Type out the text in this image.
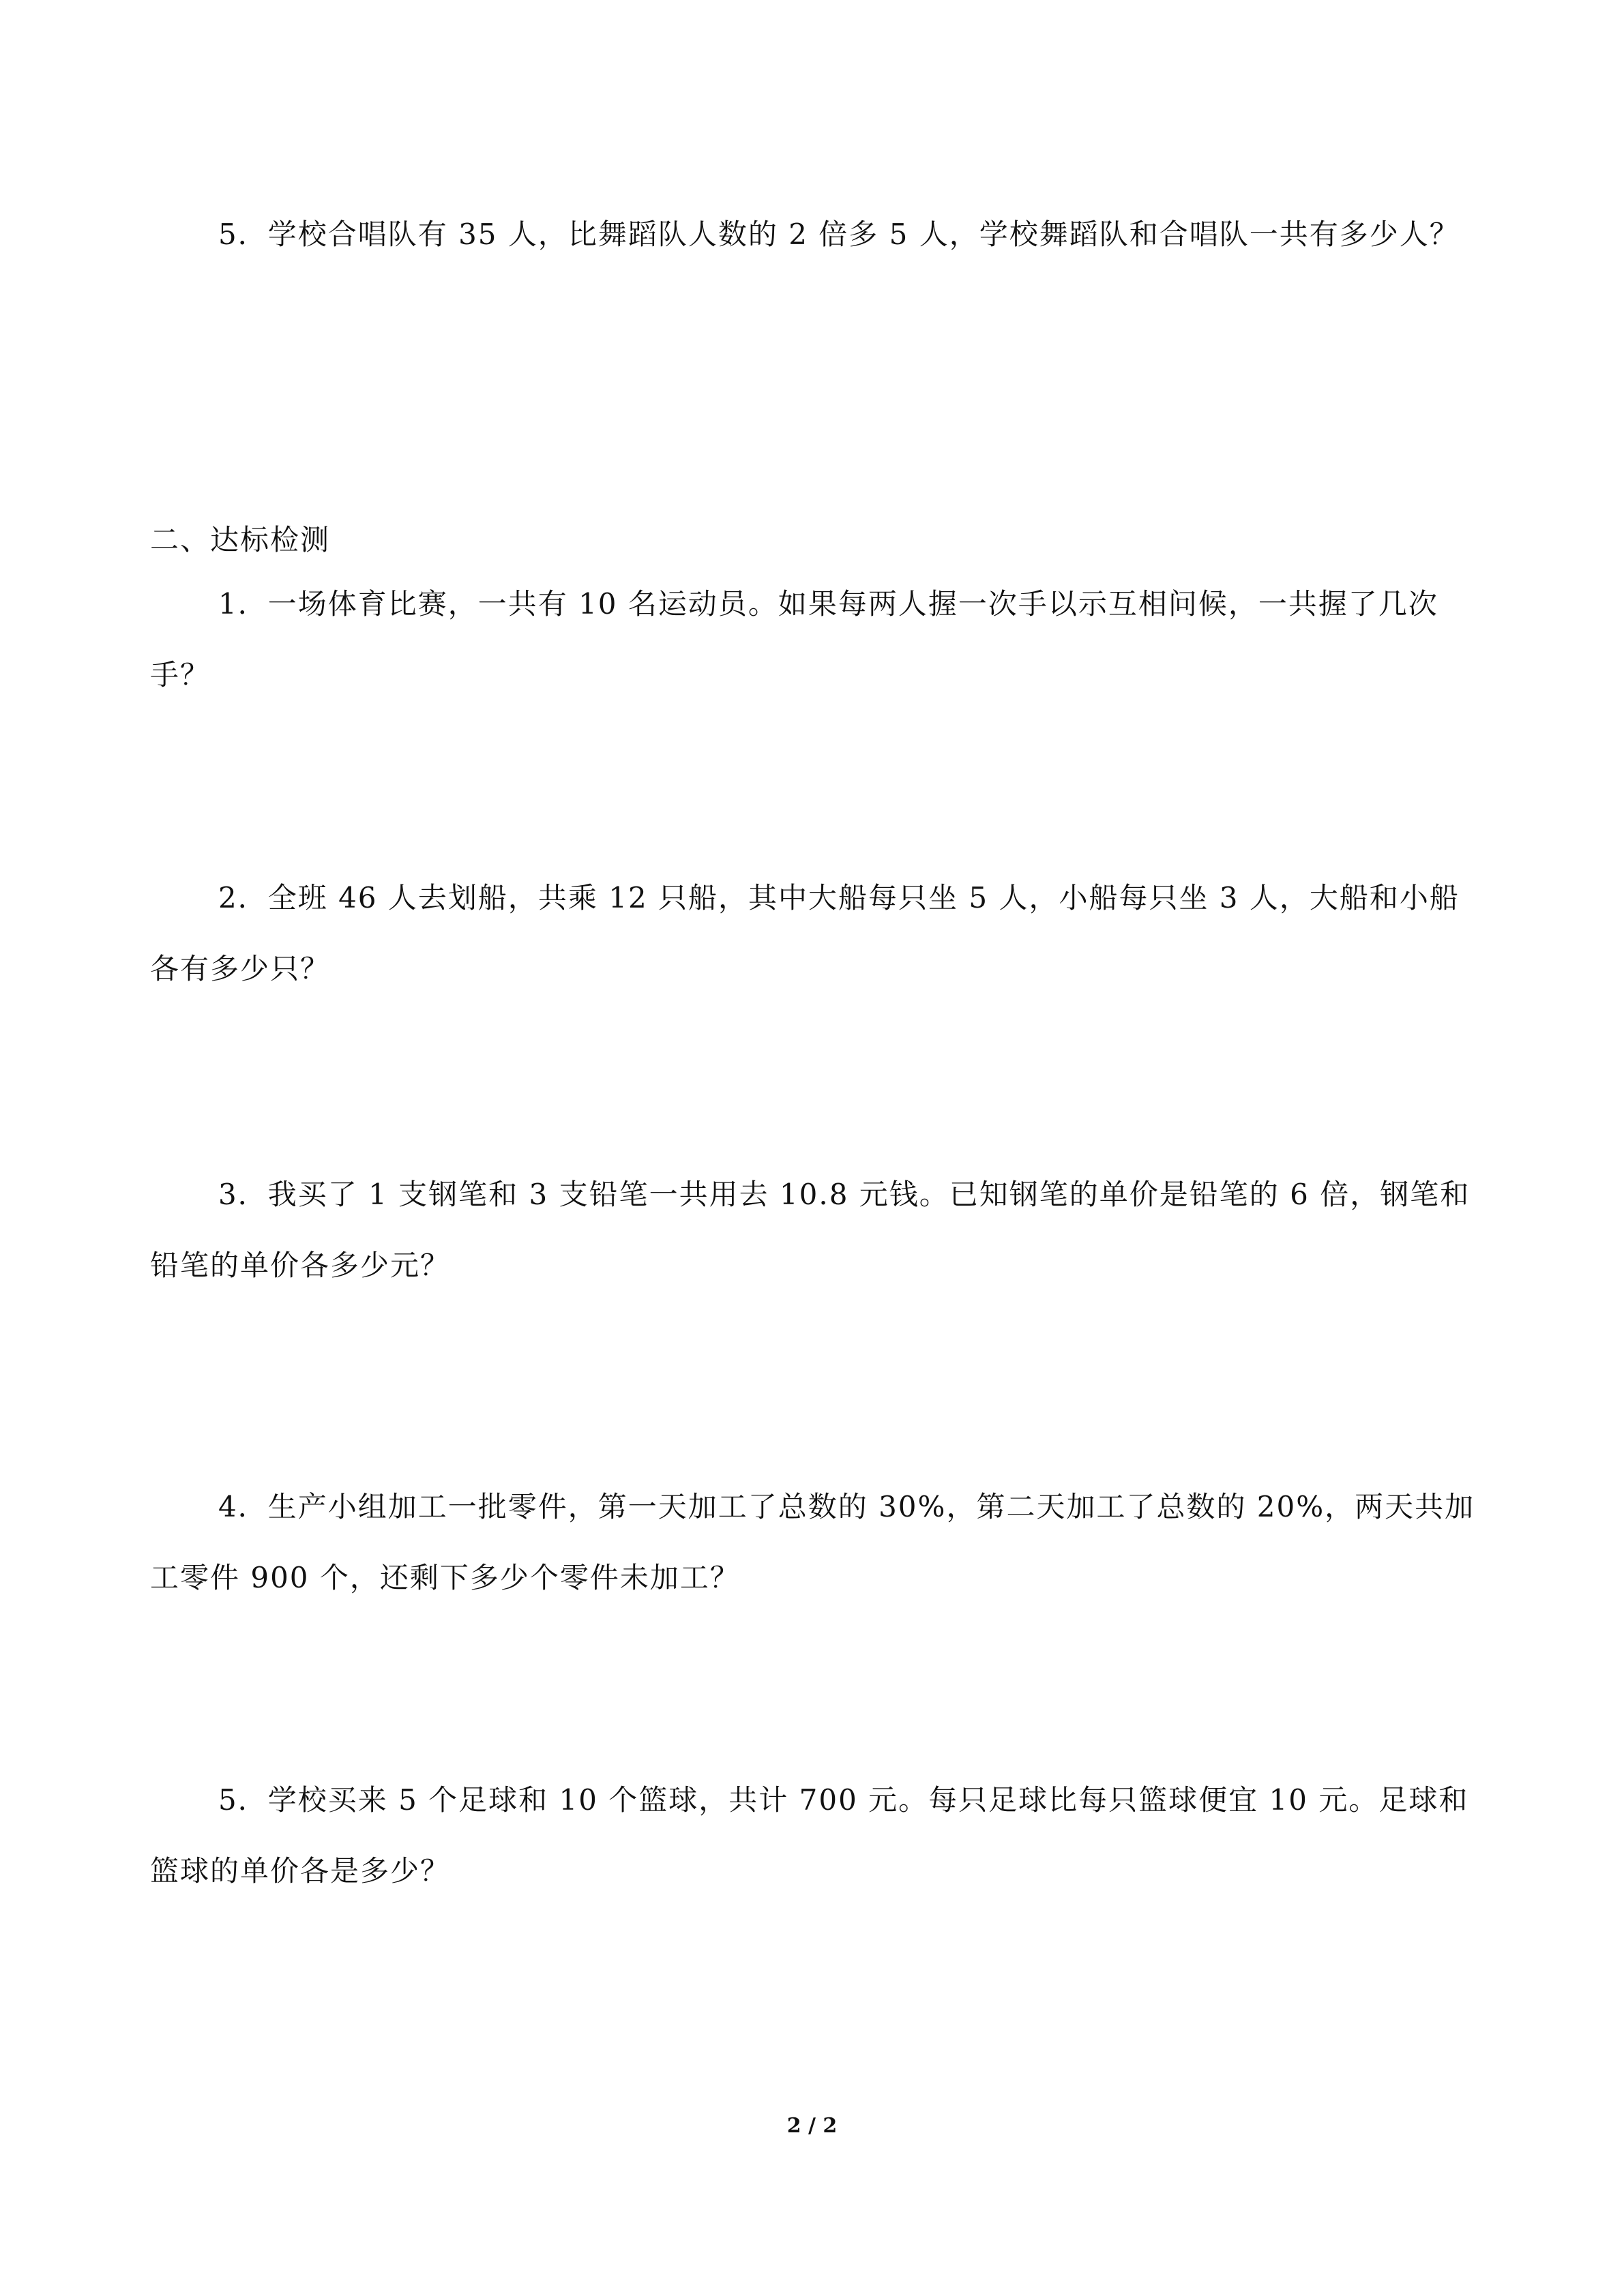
5．学校合唱队有 35 人，比舞蹈队人数的 2 倍多 5 人，学校舞蹈队和合唱队一共有多少人？

二、达标检测

1．一场体育比赛，一共有 10 名运动员。如果每两人握一次手以示互相问候，一共握了几次手？

2．全班 46 人去划船，共乘 12 只船，其中大船每只坐 5 人，小船每只坐 3 人，大船和小船各有多少只？

3．我买了 1 支钢笔和 3 支铅笔一共用去 10.8 元钱。已知钢笔的单价是铅笔的 6 倍，钢笔和铅笔的单价各多少元？

4．生产小组加工一批零件，第一天加工了总数的 30%，第二天加工了总数的 20%，两天共加工零件 900 个，还剩下多少个零件未加工？

5．学校买来 5 个足球和 10 个篮球，共计 700 元。每只足球比每只篮球便宜 10 元。足球和篮球的单价各是多少？

2 / 2
